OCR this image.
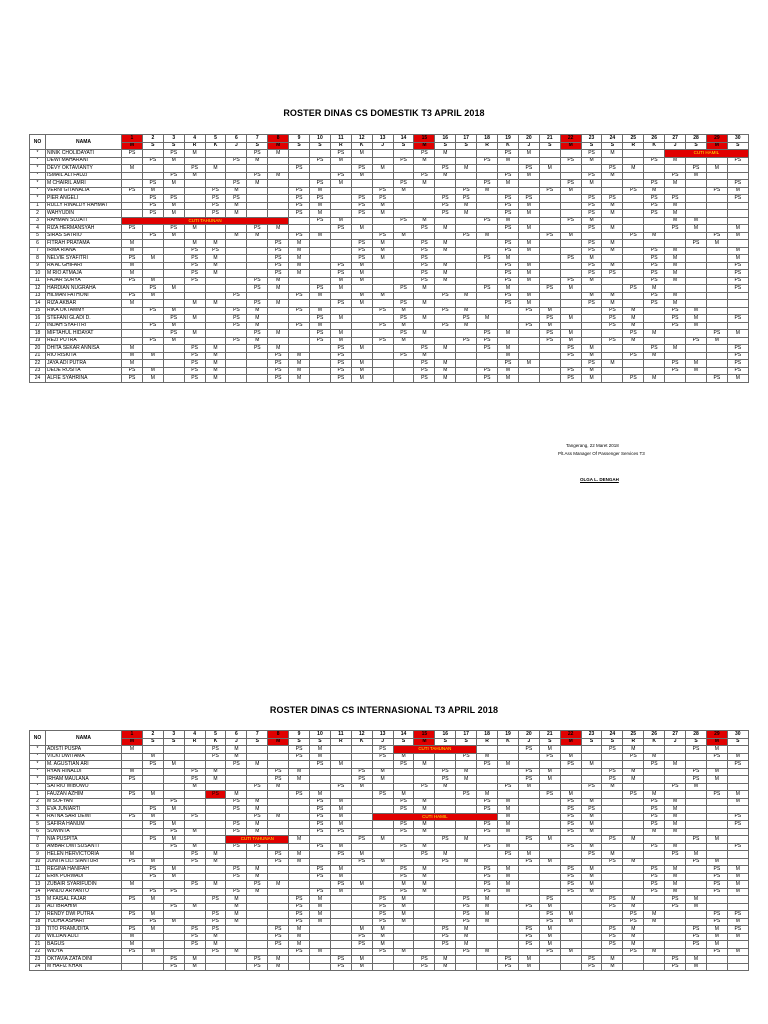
ROSTER DINAS CS DOMESTIK T3 APRIL 2018
NO	NAMA	1	2	3	4	5	6	7	8	9	10	11	12	13	14	15	16	17	18	19	20	21	22	23	24	25	26	27	28	29	30
		M	S	S	R	K	J	S	M	S	S	R	K	J	S	M	S	S	R	K	J	S	M	S	S	R	K	J	S	M	S
*	NINIK CHOLIDAYATI	PS		PS	M			PS	M			PS	M			PS	M			PS	M			PS	M			CUTI HAMIL			
*	DEWI MAHARANI		PS	M			PS	M			PS	M			PS	M			PS	M			PS	M			PS	M			PS
*	DEVY OKTAVIANTY	M			PS	M				PS			PS	M			PS	M			PS	M			PS	M			PS	M	
*	ISMAIL ALI FAUZI			PS	M			PS	M			PS	M			PS	M			PS	M			PS	M			PS	M		
*	M CHAIRIL AMRI		PS	M			PS	M			PS	M			PS	M			PS	M			PS	M			PS	M			PS
*	VERNI GITANALIA	PS	M			PS	M			PS	M			PS	M			PS	M			PS	M			PS	M			PS	M
*	PIER ANGELI		PS	PS		PS	PS			PS	PS		PS	PS			PS	PS		PS	PS			PS	PS		PS	PS			PS
1	RULLY RINALDY RAHMAT		PS	M		PS	M			PS	M		PS	M			PS	M		PS	M			PS	M		PS	M			
2	WAHYUDIN		PS	M		PS	M			PS	M		PS	M			PS	M		PS	M			PS	M		PS	M			
3	RAHMAN SUJATI	CUTI TAHUNAN									PS	M			PS	M			PS	M			PS	M				M	M		
4	RIZA HERMANSYAH	PS		PS	M			PS	M			PS	M			PS	M			PS	M			PS	M			PS	M		M
5	SIRAS SATRIO		PS	M			M	M		PS	M			PS	M			PS	M			PS	M			PS	M			PS	M
6	FITRAH PRATAMA	M			M	M			PS	M			PS	M		PS	M			PS	M			PS	M				PS	M	
7	IRMA RIANA	M			PS	PS			PS	M			PS	M		PS	M			PS	M			PS	M		PS	M			M
8	NELVIE SYAFITRI	PS	M		PS	M			PS	M			PS	M		PS			PS	M			PS	M			PS	M			M
9	RA AL GHIFARI	M			PS	M			PS	M		PS	M			PS	M			PS	M			PS	M		PS	M			PS
10	M RIO ATMAJA	M			PS	M			PS	M		PS	M			PS	M			PS	M			PS	PS		PS	M			PS
11	FAJAR SURYA	PS	M		PS			PS	M			M	M			PS	M			PS	M		PS	M			PS	M			PS
12	HARDIAN NUGRAHA		PS	M				PS	M		PS	M			PS	M			PS	M		PS	M			PS	M				PS
13	HILMAN FATHONI	PS	M				PS			PS	M		M	M			PS	M		PS	M			M	M		PS	M			
14	RIZA AKBAR	M			M	M		PS	M			PS	M		PS	M				PS	M			PS	M		PS	M			
15	RIKA OKTAMMY		PS	M			PS	M		PS	M			PS	M		PS	M			PS	M			PS	M		PS	M		
16	STEFANI GLADI D.			PS	M		PS	M			PS	M			PS	M		PS	M			PS	M		PS	M		PS	M		PS
17	INDAH SYAFITRI		PS	M			PS	M		PS	M			PS	M		PS	M			PS	M			PS	M		PS	M		
18	MIFTAHUL HIDAYAT			PS	M			PS	M		PS	M			PS	M			PS	M		PS	M			PS	M			PS	M
19	REZI PUTRA		PS	M			PS	M			PS	M		PS	M			PS	PS			PS	M		PS	M			PS	M	
20	DHITA SEKAR ANNISA	M			PS	M		PS	M			PS	M			PS	M		PS	M			PS	M			PS	M			PS
21	RIO RISKITA	M	M		PS	M			PS	M		PS			PS	M				M			PS	M		PS	M				PS
22	JAYA ADI PUTRA	M			PS	M			PS	M		PS	M			PS	M			PS	M			PS	M			PS	M		PS
23	DEDE ROSITA	PS	M		PS	M			PS	M		PS	M			PS	M		PS	M			PS	M				PS	M		PS
24	ALFIE SYAHRINA	PS	M		PS	M			PS	M		PS	M			PS	M		PS	M			PS	M		PS	M			PS	M
Tangerang, 22 Maret 2018
Plt.Ass Manager Of Passenger Services T3
OLGA L. DENGAH
ROSTER DINAS CS INTERNASIONAL T3 APRIL 2018
NO	NAMA	1	2	3	4	5	6	7	8	9	10	11	12	13	14	15	16	17	18	19	20	21	22	23	24	25	26	27	28	29	30
		M	S	S	R	K	J	S	M	S	S	R	K	J	S	M	S	S	R	K	J	S	M	S	S	R	K	J	S	M	S
*	ADISTI PUSPA	M				PS	M			PS	M			PS	CUTI TAHUNAN						PS	M			PS	M			PS	M	
*	VICKI DWITAMA		M			PS	M			PS	M			PS	M			PS	M			PS	M			PS	M			PS	M
*	M. AGUSTIAN ARI		PS	M			PS	M			PS	M			PS	M			PS	M			PS	M			PS	M			PS
*	RYAN RINALDI	M			PS	M			PS	M			PS	M			PS	M			PS	M			PS	M			PS	M	
*	IRHAM MAULANA	PS			PS	M			PS	M			PS	M			PS	M			PS	M			PS	M			PS	M	
*	SATRIO WIBOWO				M			PS	M			PS	M			PS	M			PS	M			PS	M			PS	M		
1	FAUZAN AZHIM	PS	M			PS	M			PS	M			PS	M			PS	M			PS	M			PS	M			PS	M
2	M SOFYAN			PS			PS	M			PS	M			PS	M			PS	M			PS	M			PS	M			M
3	EVA JUNIARTI		PS	M			PS	M			PS	M			PS	M			PS	M			PS	PS			PS	M			
4	RATNA SARI DEWI	PS	M		PS			PS	M		PS	M		CUTI HAMIL						M			PS	M			PS	M			PS
5	SAFIRA HANUM		PS	M			PS	M			PS	M			PS	M			PS	M			PS	M			PS	M			PS
6	SUWINTA			PS	M		PS	M			PS	PS			PS	M			PS	M			PS	M			M	M			
7	NIA PUSPITA		PS	M			CUTI TAHUNAN			M			PS	M			PS	M			PS	M			PS	M			PS	M	
8	AMBAR DWI SUSANTI			PS	M		PS	PS			PS	M			PS	M			PS	M			PS	M			PS	M			PS
9	HELEN HERVICTORIA	M			PS	M			PS	M		PS	M			PS	M			PS	M			PS	M			PS	M		
10	JUNITA LILI SIANTURI	PS	M		PS	M			PS	M			PS	M			PS	M			PS	M			PS	M			PS	M	
11	REGINA HANIFAH		PS	M			PS	M			PS	M			PS	M			PS	M			PS	M			PS	M		PS	M
12	ERIK PURWADI		PS	M			PS	M			PS	M			PS	M			PS	M			PS	M			PS	M		PS	M
13	ZUBAIR SYARIFUDIN	M			PS	M		PS	M			PS	M		M	M			PS	M			PS	M			PS	M		PS	M
14	PANDU ARYANTO		PS	PS			PS	M			PS	M			PS	M			PS	M			PS	M			PS	M		PS	M
15	M FAISAL FAJAR	PS	M			PS	M			PS	M			PS	M			PS	M			PS			PS	M		PS	M		
16	ALI IBRAHIM			PS	M		M			PS	M			PS	M			PS	M		PS	M			PS	M		PS	M		
17	RENDY DWI PUTRA	PS	M			PS	M			PS	M			PS	M			PS	M			PS	M			PS	M			PS	PS
18	YUDHA ASHARI		PS	M		PS	M			PS	M			PS	M			PS	M			PS	M			PS	M			PS	M
19	TITO PRAMUDITA	PS	M		PS	PS			PS	M			M	M			PS	M			PS	M			PS	M			PS	M	PS
20	WILDAN ADLI	M			PS	M			PS	M			PS	M			PS	M			PS	M			PS	M			PS	M	M
21	BAGUS	M			PS	M			PS	M			PS	M			PS	M			PS	M			PS	M			PS	M	
22	WIDYA	PS	M			PS	M			PS	M			PS	M			PS	M			PS	M			PS	M			PS	M
23	OKTAVIA ZATA DINI			PS	M			PS	M			PS	M			PS	M			PS	M			PS	M			PS	M		
24	M HAFIZ KHAN			PS	M			PS	M			PS	M			PS	M			PS	M			PS	M			PS	M		
